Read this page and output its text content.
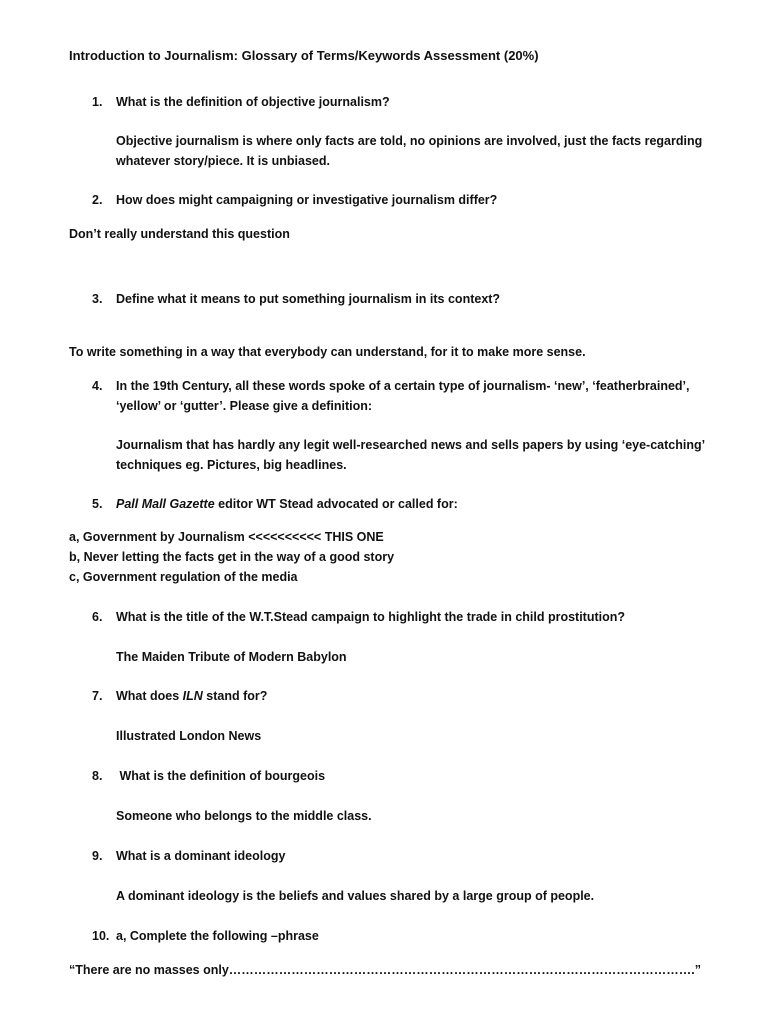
Introduction to Journalism: Glossary of Terms/Keywords Assessment (20%)
1. What is the definition of objective journalism?
Objective journalism is where only facts are told, no opinions are involved, just the facts regarding
whatever story/piece. It is unbiased.
2. How does might campaigning or investigative journalism differ?
Don’t really understand this question
3. Define what it means to put something journalism in its context?
To write something in a way that everybody can understand, for it to make more sense.
4. In the 19th Century, all these words spoke of a certain type of journalism- ‘new’, ‘featherbrained’,
‘yellow’ or ‘gutter’. Please give a definition:
Journalism that has hardly any legit well-researched news and sells papers by using ‘eye-catching’
techniques eg. Pictures, big headlines.
5. Pall Mall Gazette editor WT Stead advocated or called for:
a, Government by Journalism <<<<<<<<<< THIS ONE
b, Never letting the facts get in the way of a good story
c, Government regulation of the media
6. What is the title of the W.T.Stead campaign to highlight the trade in child prostitution?
The Maiden Tribute of Modern Babylon
7. What does ILN stand for?
Illustrated London News
8. What is the definition of bourgeois
Someone who belongs to the middle class.
9. What is a dominant ideology
A dominant ideology is the beliefs and values shared by a large group of people.
10. a, Complete the following –phrase
“There are no masses only………………………………………………………………………………………………….”
